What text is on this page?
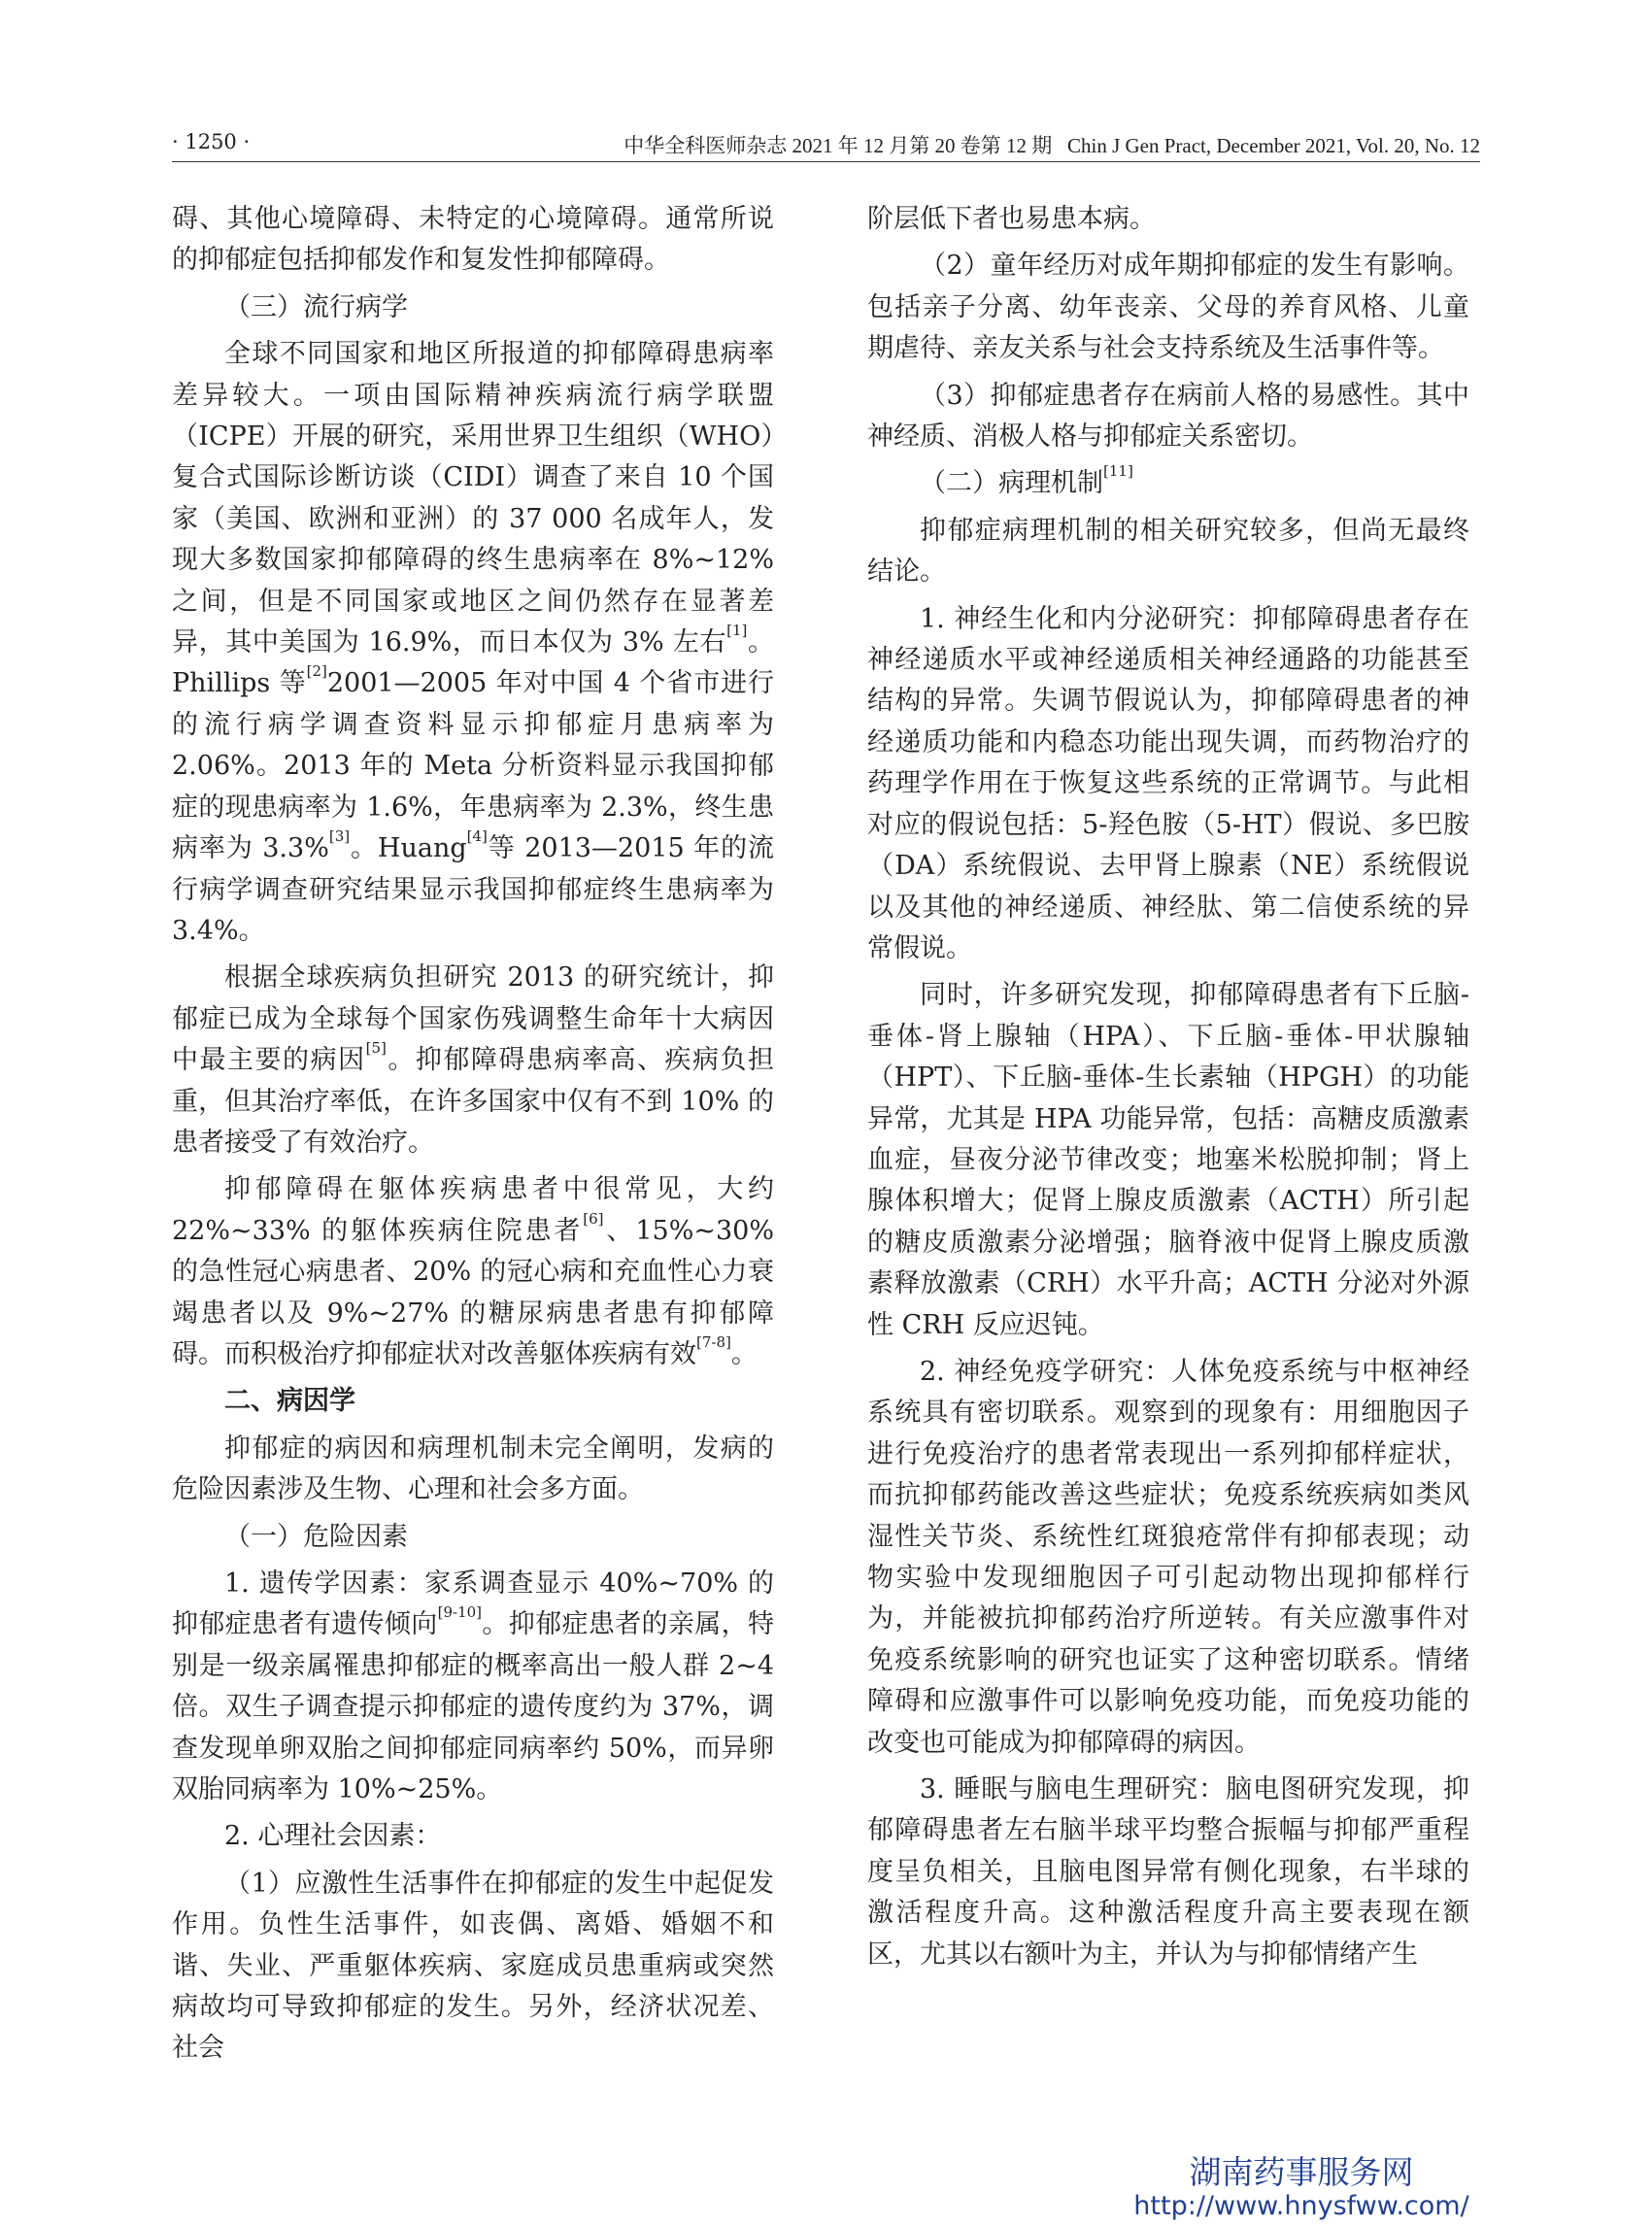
· 1250 ·	中华全科医师杂志 2021 年 12 月第 20 卷第 12 期 Chin J Gen Pract, December 2021, Vol. 20, No. 12

碍、其他心境障碍、未特定的心境障碍。通常所说的抑郁症包括抑郁发作和复发性抑郁障碍。

（三）流行病学

全球不同国家和地区所报道的抑郁障碍患病率差异较大。一项由国际精神疾病流行病学联盟（ICPE）开展的研究，采用世界卫生组织（WHO）复合式国际诊断访谈（CIDI）调查了来自 10 个国家（美国、欧洲和亚洲）的 37 000 名成年人，发现大多数国家抑郁障碍的终生患病率在 8%~12% 之间，但是不同国家或地区之间仍然存在显著差异，其中美国为 16.9%，而日本仅为 3% 左右[1]。Phillips 等[2]2001—2005 年对中国 4 个省市进行的流行病学调查资料显示抑郁症月患病率为 2.06%。2013 年的 Meta 分析资料显示我国抑郁症的现患病率为 1.6%，年患病率为 2.3%，终生患病率为 3.3%[3]。Huang[4]等 2013—2015 年的流行病学调查研究结果显示我国抑郁症终生患病率为 3.4%。

根据全球疾病负担研究 2013 的研究统计，抑郁症已成为全球每个国家伤残调整生命年十大病因中最主要的病因[5]。抑郁障碍患病率高、疾病负担重，但其治疗率低，在许多国家中仅有不到 10% 的患者接受了有效治疗。

抑郁障碍在躯体疾病患者中很常见，大约 22%~33% 的躯体疾病住院患者[6]、15%~30% 的急性冠心病患者、20% 的冠心病和充血性心力衰竭患者以及 9%~27% 的糖尿病患者患有抑郁障碍。而积极治疗抑郁症状对改善躯体疾病有效[7-8]。

二、病因学

抑郁症的病因和病理机制未完全阐明，发病的危险因素涉及生物、心理和社会多方面。

（一）危险因素

1. 遗传学因素：家系调查显示 40%~70% 的抑郁症患者有遗传倾向[9-10]。抑郁症患者的亲属，特别是一级亲属罹患抑郁症的概率高出一般人群 2~4 倍。双生子调查提示抑郁症的遗传度约为 37%，调查发现单卵双胎之间抑郁症同病率约 50%，而异卵双胎同病率为 10%~25%。

2. 心理社会因素：

（1）应激性生活事件在抑郁症的发生中起促发作用。负性生活事件，如丧偶、离婚、婚姻不和谐、失业、严重躯体疾病、家庭成员患重病或突然病故均可导致抑郁症的发生。另外，经济状况差、社会

阶层低下者也易患本病。

（2）童年经历对成年期抑郁症的发生有影响。包括亲子分离、幼年丧亲、父母的养育风格、儿童期虐待、亲友关系与社会支持系统及生活事件等。

（3）抑郁症患者存在病前人格的易感性。其中神经质、消极人格与抑郁症关系密切。

（二）病理机制[11]

抑郁症病理机制的相关研究较多，但尚无最终结论。

1. 神经生化和内分泌研究：抑郁障碍患者存在神经递质水平或神经递质相关神经通路的功能甚至结构的异常。失调节假说认为，抑郁障碍患者的神经递质功能和内稳态功能出现失调，而药物治疗的药理学作用在于恢复这些系统的正常调节。与此相对应的假说包括：5-羟色胺（5-HT）假说、多巴胺（DA）系统假说、去甲肾上腺素（NE）系统假说以及其他的神经递质、神经肽、第二信使系统的异常假说。

同时，许多研究发现，抑郁障碍患者有下丘脑-垂体-肾上腺轴（HPA）、下丘脑-垂体-甲状腺轴（HPT）、下丘脑-垂体-生长素轴（HPGH）的功能异常，尤其是 HPA 功能异常，包括：高糖皮质激素血症，昼夜分泌节律改变；地塞米松脱抑制；肾上腺体积增大；促肾上腺皮质激素（ACTH）所引起的糖皮质激素分泌增强；脑脊液中促肾上腺皮质激素释放激素（CRH）水平升高；ACTH 分泌对外源性 CRH 反应迟钝。

2. 神经免疫学研究：人体免疫系统与中枢神经系统具有密切联系。观察到的现象有：用细胞因子进行免疫治疗的患者常表现出一系列抑郁样症状，而抗抑郁药能改善这些症状；免疫系统疾病如类风湿性关节炎、系统性红斑狼疮常伴有抑郁表现；动物实验中发现细胞因子可引起动物出现抑郁样行为，并能被抗抑郁药治疗所逆转。有关应激事件对免疫系统影响的研究也证实了这种密切联系。情绪障碍和应激事件可以影响免疫功能，而免疫功能的改变也可能成为抑郁障碍的病因。

3. 睡眠与脑电生理研究：脑电图研究发现，抑郁障碍患者左右脑半球平均整合振幅与抑郁严重程度呈负相关，且脑电图异常有侧化现象，右半球的激活程度升高。这种激活程度升高主要表现在额区，尤其以右额叶为主，并认为与抑郁情绪产生

湖南药事服务网
http://www.hnysfww.com/
